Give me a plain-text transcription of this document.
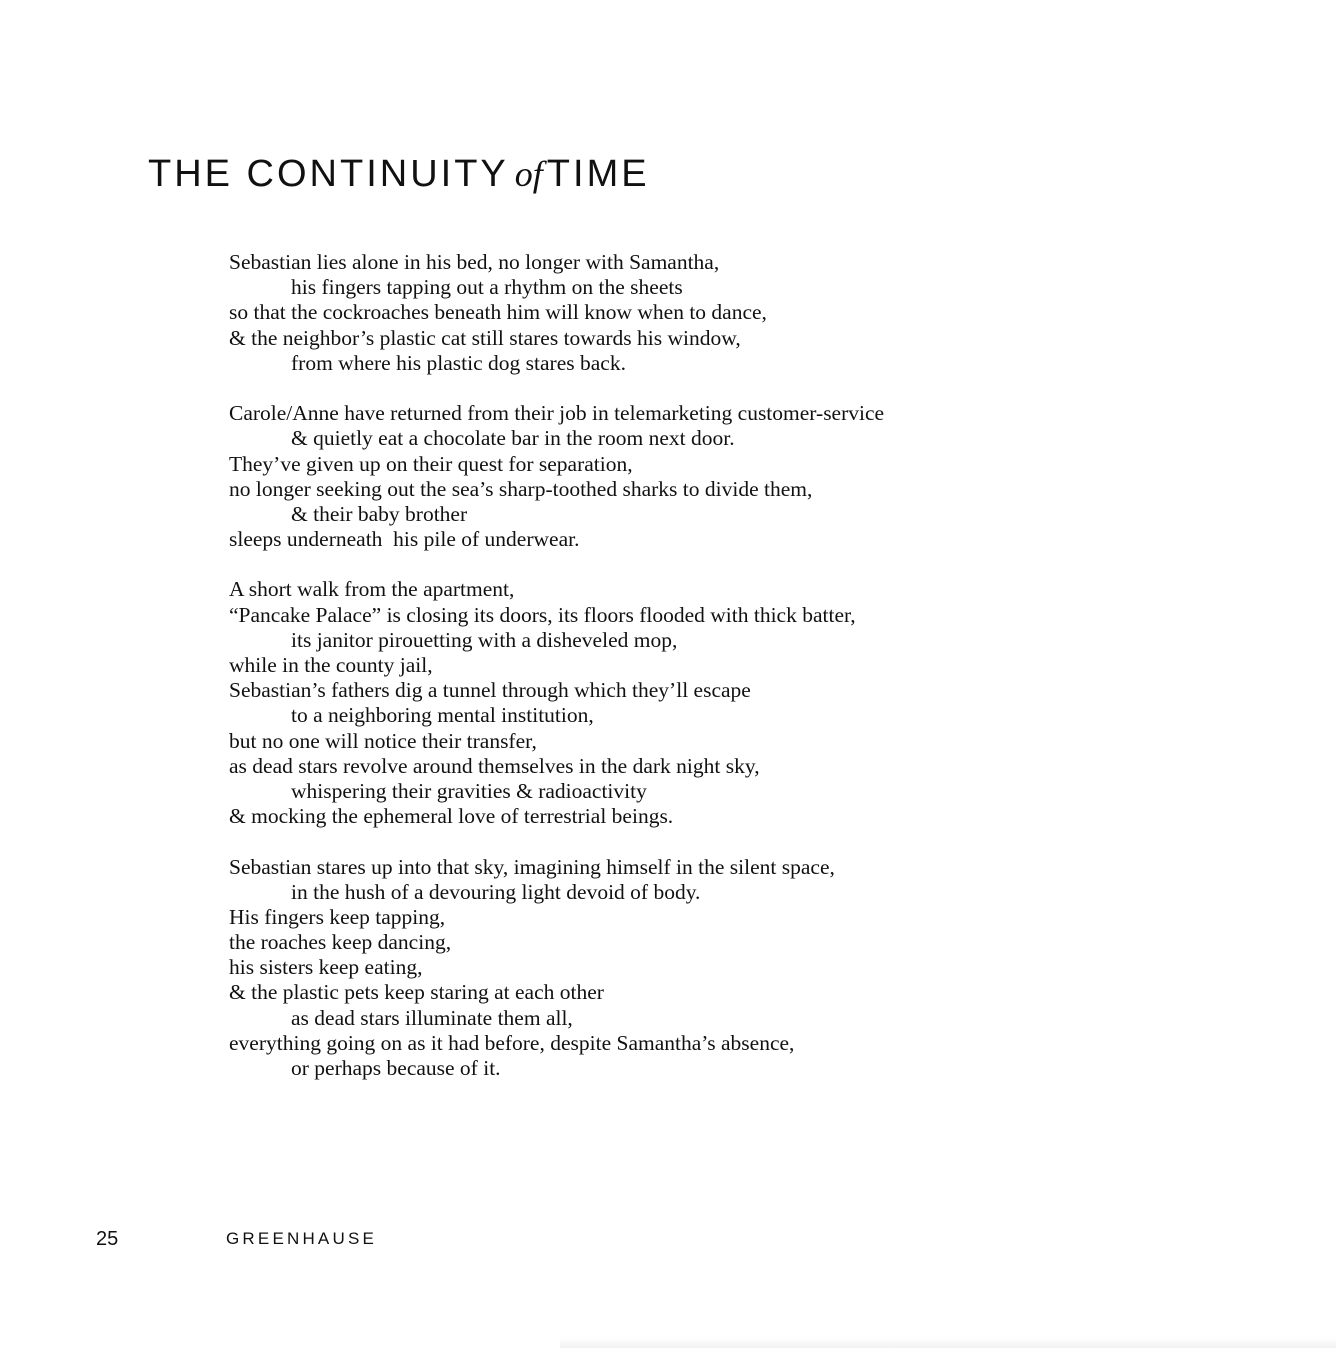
THE CONTINUITY of TIME
Sebastian lies alone in his bed, no longer with Samantha,
his fingers tapping out a rhythm on the sheets
so that the cockroaches beneath him will know when to dance,
& the neighbor’s plastic cat still stares towards his window,
from where his plastic dog stares back.
Carole/Anne have returned from their job in telemarketing customer-service
& quietly eat a chocolate bar in the room next door.
They’ve given up on their quest for separation,
no longer seeking out the sea’s sharp-toothed sharks to divide them,
& their baby brother
sleeps underneath  his pile of underwear.
A short walk from the apartment,
“Pancake Palace” is closing its doors, its floors flooded with thick batter,
its janitor pirouetting with a disheveled mop,
while in the county jail,
Sebastian’s fathers dig a tunnel through which they’ll escape
to a neighboring mental institution,
but no one will notice their transfer,
as dead stars revolve around themselves in the dark night sky,
whispering their gravities & radioactivity
& mocking the ephemeral love of terrestrial beings.
Sebastian stares up into that sky, imagining himself in the silent space,
in the hush of a devouring light devoid of body.
His fingers keep tapping,
the roaches keep dancing,
his sisters keep eating,
& the plastic pets keep staring at each other
as dead stars illuminate them all,
everything going on as it had before, despite Samantha’s absence,
or perhaps because of it.
25	GREENHAUSE
